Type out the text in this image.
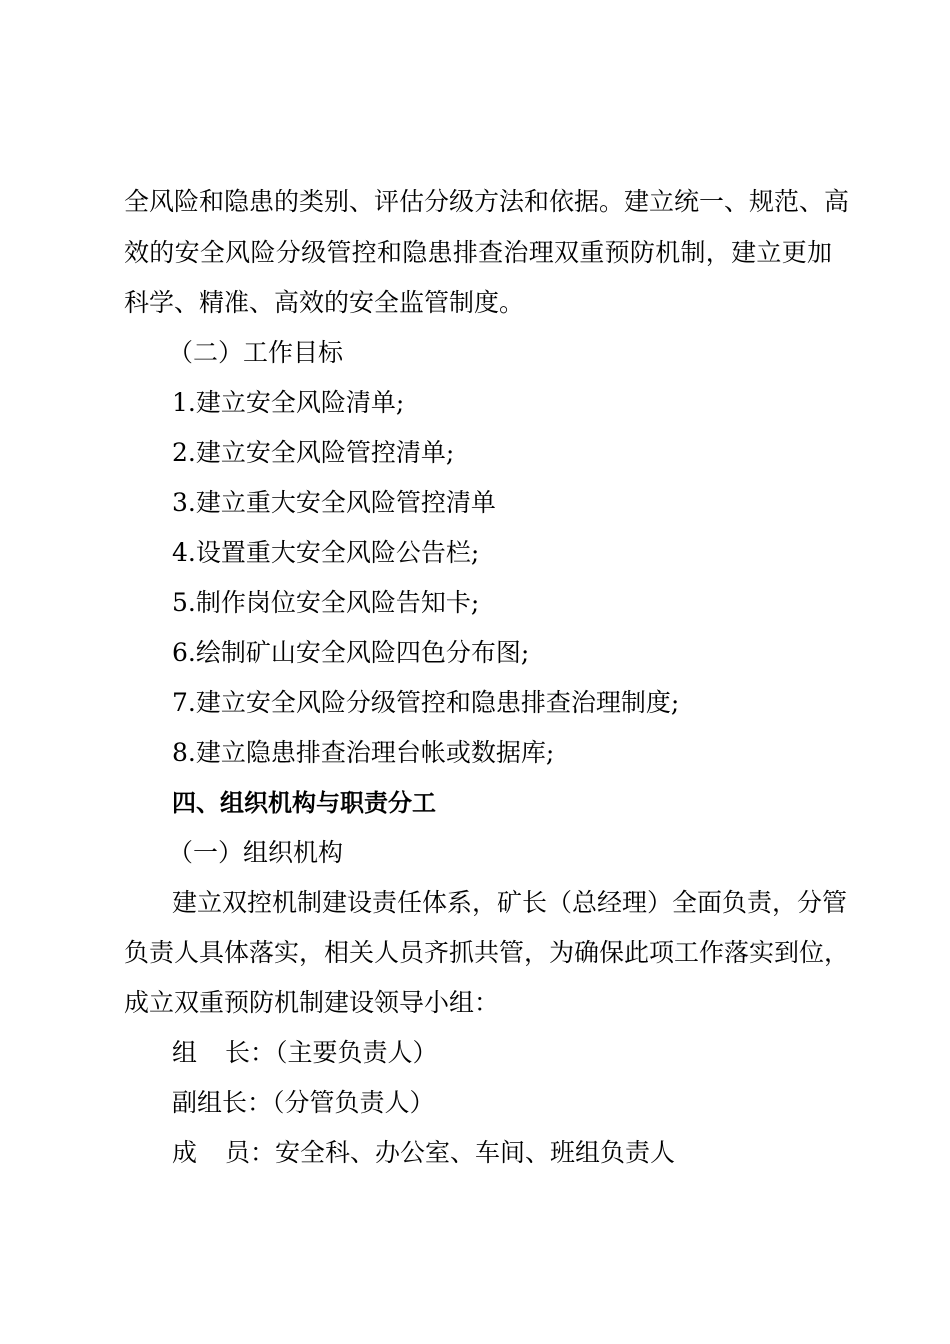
全风险和隐患的类别、评估分级方法和依据。建立统一、规范、高
效的安全风险分级管控和隐患排查治理双重预防机制，建立更加
科学、精准、高效的安全监管制度。
（二）工作目标
1.建立安全风险清单;
2.建立安全风险管控清单;
3.建立重大安全风险管控清单
4.设置重大安全风险公告栏;
5.制作岗位安全风险告知卡;
6.绘制矿山安全风险四色分布图;
7.建立安全风险分级管控和隐患排查治理制度;
8.建立隐患排查治理台帐或数据库;
四、组织机构与职责分工
（一）组织机构
建立双控机制建设责任体系，矿长（总经理）全面负责，分管
负责人具体落实，相关人员齐抓共管，为确保此项工作落实到位，
成立双重预防机制建设领导小组：
组 长：（主要负责人）
副组长：（分管负责人）
成 员：安全科、办公室、车间、班组负责人
